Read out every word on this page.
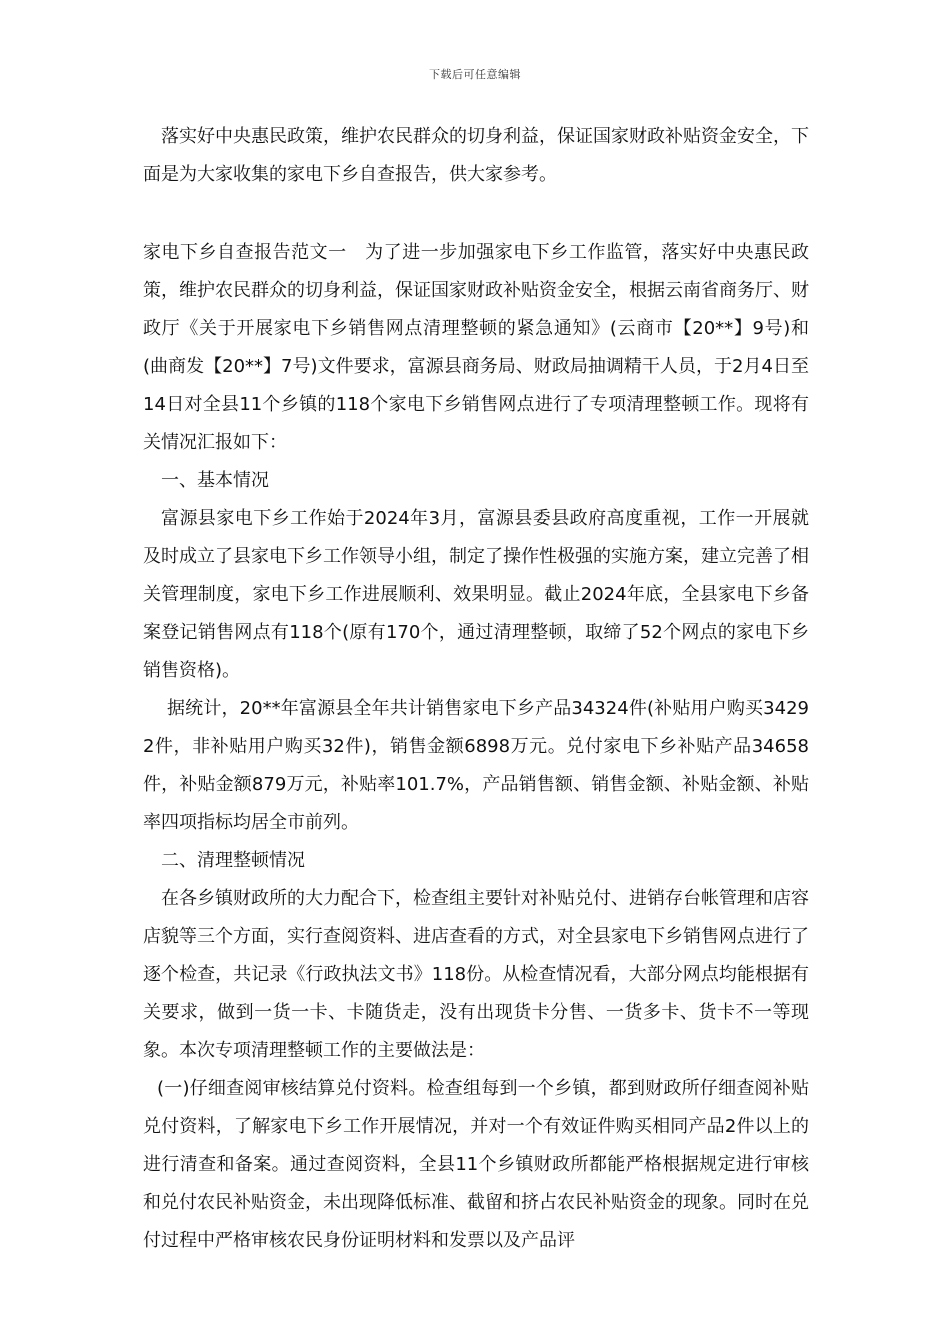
下载后可任意编辑

落实好中央惠民政策，维护农民群众的切身利益，保证国家财政补贴资金安全，下面是为大家收集的家电下乡自查报告，供大家参考。

家电下乡自查报告范文一　为了进一步加强家电下乡工作监管，落实好中央惠民政策，维护农民群众的切身利益，保证国家财政补贴资金安全，根据云南省商务厅、财政厅《关于开展家电下乡销售网点清理整顿的紧急通知》(云商市【20**】9号)和(曲商发【20**】7号)文件要求，富源县商务局、财政局抽调精干人员，于2月4日至14日对全县11个乡镇的118个家电下乡销售网点进行了专项清理整顿工作。现将有关情况汇报如下：

一、基本情况

富源县家电下乡工作始于2024年3月，富源县委县政府高度重视，工作一开展就及时成立了县家电下乡工作领导小组，制定了操作性极强的实施方案，建立完善了相关管理制度，家电下乡工作进展顺利、效果明显。截止2024年底，全县家电下乡备案登记销售网点有118个(原有170个，通过清理整顿，取缔了52个网点的家电下乡销售资格)。

据统计，20**年富源县全年共计销售家电下乡产品34324件(补贴用户购买34292件，非补贴用户购买32件)，销售金额6898万元。兑付家电下乡补贴产品34658件，补贴金额879万元，补贴率101.7%，产品销售额、销售金额、补贴金额、补贴率四项指标均居全市前列。

二、清理整顿情况

在各乡镇财政所的大力配合下，检查组主要针对补贴兑付、进销存台帐管理和店容店貌等三个方面，实行查阅资料、进店查看的方式，对全县家电下乡销售网点进行了逐个检查，共记录《行政执法文书》118份。从检查情况看，大部分网点均能根据有关要求，做到一货一卡、卡随货走，没有出现货卡分售、一货多卡、货卡不一等现象。本次专项清理整顿工作的主要做法是：

(一)仔细查阅审核结算兑付资料。检查组每到一个乡镇，都到财政所仔细查阅补贴兑付资料，了解家电下乡工作开展情况，并对一个有效证件购买相同产品2件以上的进行清查和备案。通过查阅资料，全县11个乡镇财政所都能严格根据规定进行审核和兑付农民补贴资金，未出现降低标准、截留和挤占农民补贴资金的现象。同时在兑付过程中严格审核农民身份证明材料和发票以及产品评
